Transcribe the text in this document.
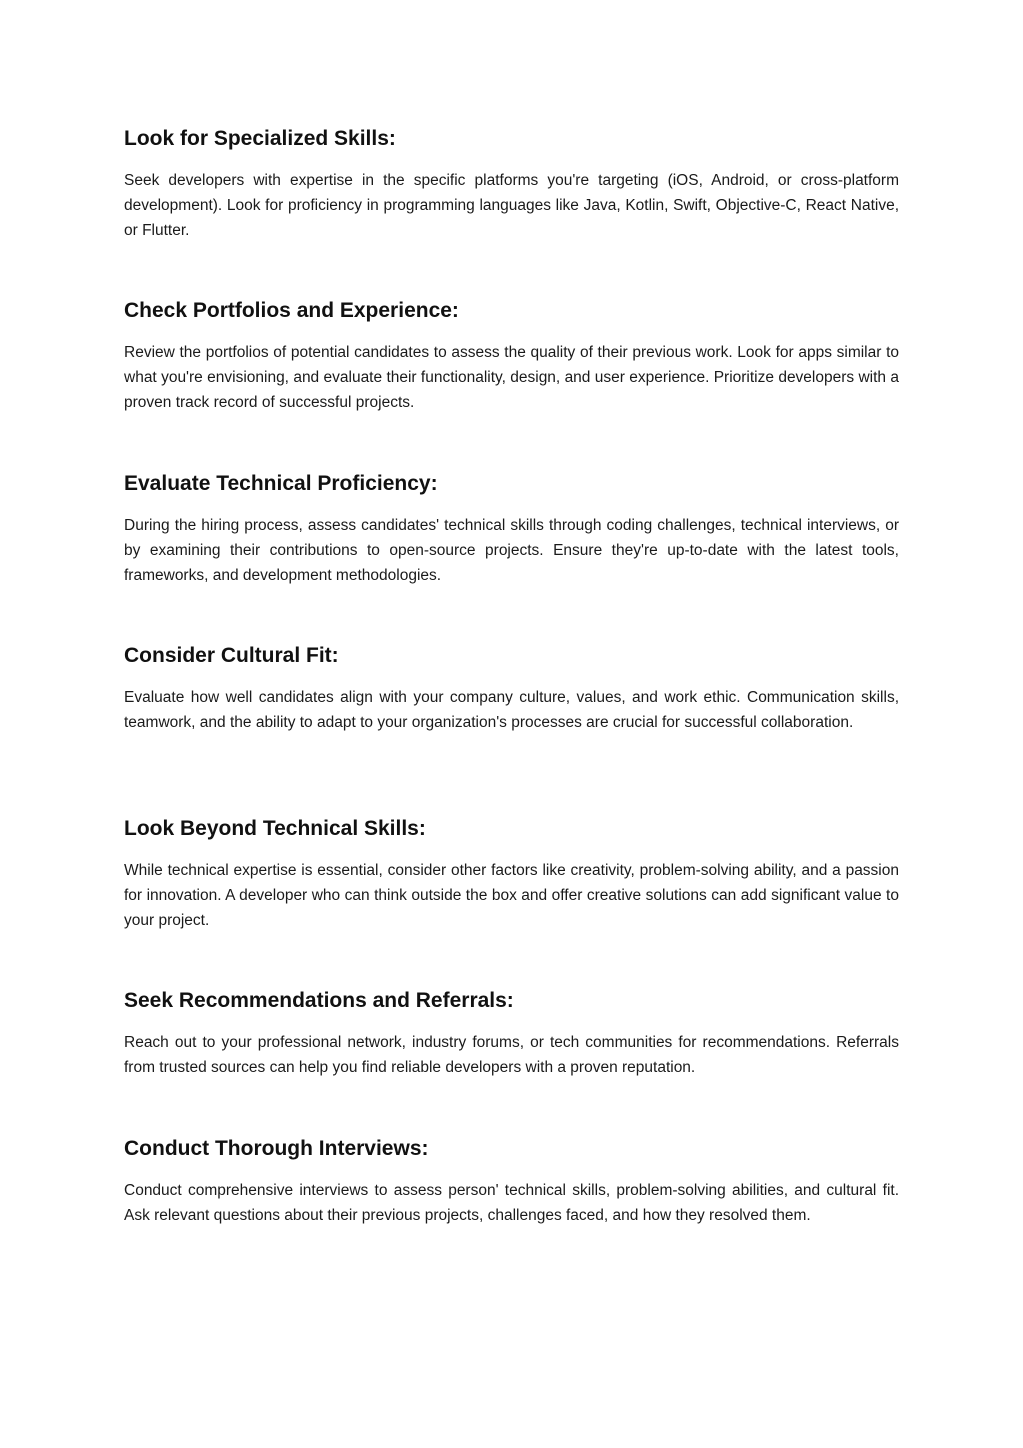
Look for Specialized Skills:

Seek developers with expertise in the specific platforms you're targeting (iOS, Android, or cross-platform development). Look for proficiency in programming languages like Java, Kotlin, Swift, Objective-C, React Native, or Flutter.

Check Portfolios and Experience:

Review the portfolios of potential candidates to assess the quality of their previous work. Look for apps similar to what you're envisioning, and evaluate their functionality, design, and user experience. Prioritize developers with a proven track record of successful projects.

Evaluate Technical Proficiency:

During the hiring process, assess candidates' technical skills through coding challenges, technical interviews, or by examining their contributions to open-source projects. Ensure they're up-to-date with the latest tools, frameworks, and development methodologies.

Consider Cultural Fit:

Evaluate how well candidates align with your company culture, values, and work ethic. Communication skills, teamwork, and the ability to adapt to your organization's processes are crucial for successful collaboration.

Look Beyond Technical Skills:

While technical expertise is essential, consider other factors like creativity, problem-solving ability, and a passion for innovation. A developer who can think outside the box and offer creative solutions can add significant value to your project.

Seek Recommendations and Referrals:

Reach out to your professional network, industry forums, or tech communities for recommendations. Referrals from trusted sources can help you find reliable developers with a proven reputation.

Conduct Thorough Interviews:

Conduct comprehensive interviews to assess person' technical skills, problem-solving abilities, and cultural fit. Ask relevant questions about their previous projects, challenges faced, and how they resolved them.
